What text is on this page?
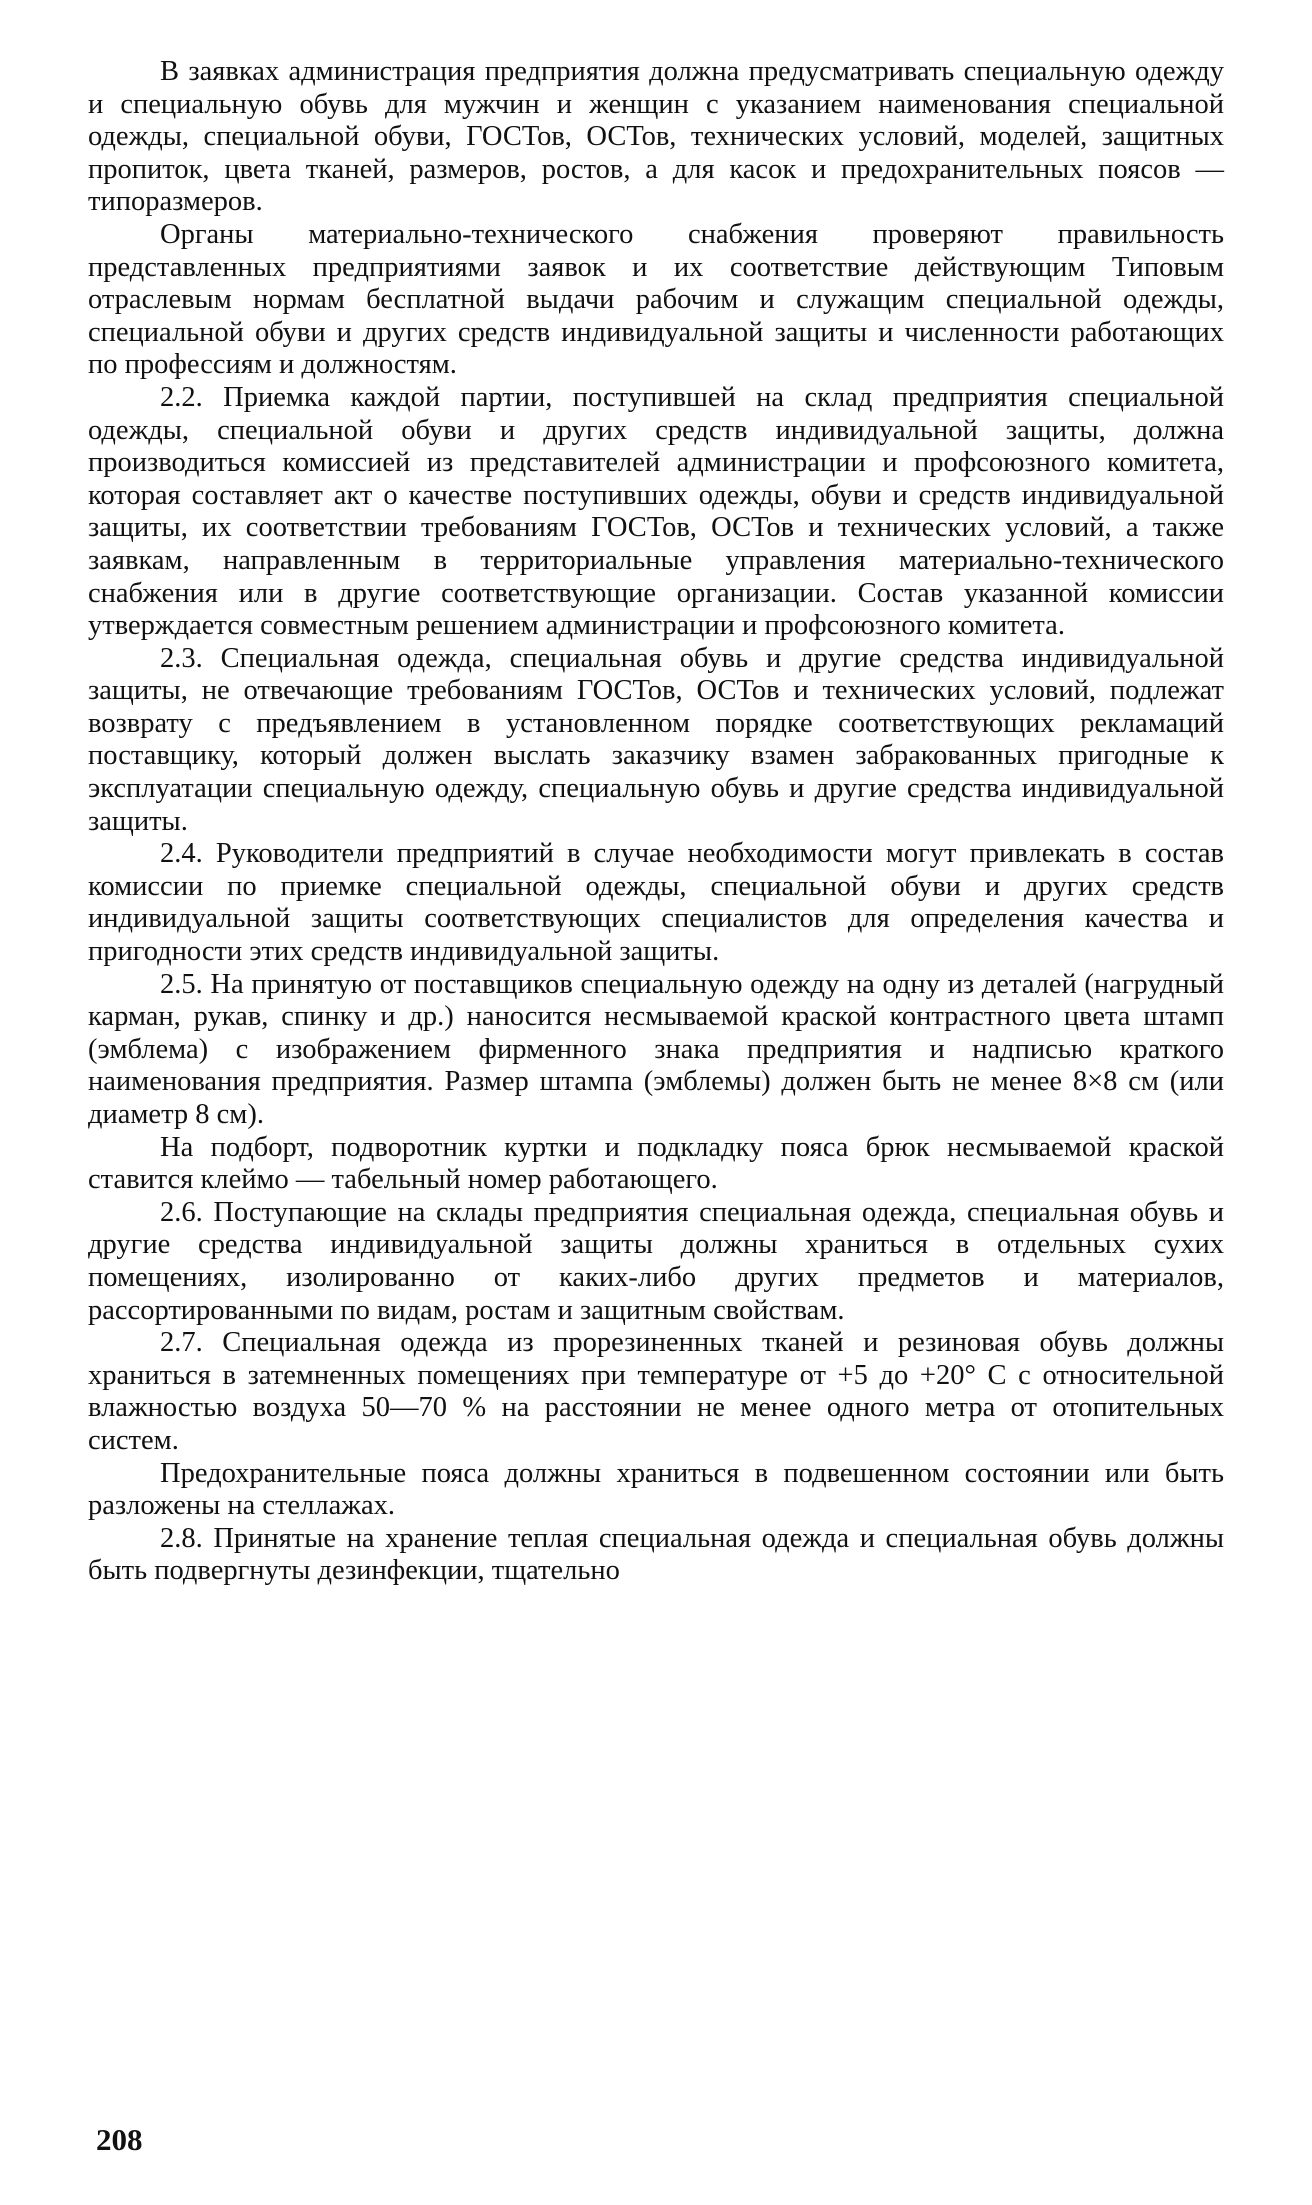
В заявках администрация предприятия должна предусматривать специальную одежду и специальную обувь для мужчин и женщин с указанием наименования специальной одежды, специальной обуви, ГОСТов, ОСТов, технических условий, моделей, защитных пропиток, цвета тканей, размеров, ростов, а для касок и предохранительных поясов — типоразмеров.

Органы материально-технического снабжения проверяют правильность представленных предприятиями заявок и их соответствие действующим Типовым отраслевым нормам бесплатной выдачи рабочим и служащим специальной одежды, специальной обуви и других средств индивидуальной защиты и численности работающих по профессиям и должностям.

2.2. Приемка каждой партии, поступившей на склад предприятия специальной одежды, специальной обуви и других средств индивидуальной защиты, должна производиться комиссией из представителей администрации и профсоюзного комитета, которая составляет акт о качестве поступивших одежды, обуви и средств индивидуальной защиты, их соответствии требованиям ГОСТов, ОСТов и технических условий, а также заявкам, направленным в территориальные управления материально-технического снабжения или в другие соответствующие организации. Состав указанной комиссии утверждается совместным решением администрации и профсоюзного комитета.

2.3. Специальная одежда, специальная обувь и другие средства индивидуальной защиты, не отвечающие требованиям ГОСТов, ОСТов и технических условий, подлежат возврату с предъявлением в установленном порядке соответствующих рекламаций поставщику, который должен выслать заказчику взамен забракованных пригодные к эксплуатации специальную одежду, специальную обувь и другие средства индивидуальной защиты.

2.4. Руководители предприятий в случае необходимости могут привлекать в состав комиссии по приемке специальной одежды, специальной обуви и других средств индивидуальной защиты соответствующих специалистов для определения качества и пригодности этих средств индивидуальной защиты.

2.5. На принятую от поставщиков специальную одежду на одну из деталей (нагрудный карман, рукав, спинку и др.) наносится несмываемой краской контрастного цвета штамп (эмблема) с изображением фирменного знака предприятия и надписью краткого наименования предприятия. Размер штампа (эмблемы) должен быть не менее 8×8 см (или диаметр 8 см).

На подборт, подворотник куртки и подкладку пояса брюк несмываемой краской ставится клеймо — табельный номер работающего.

2.6. Поступающие на склады предприятия специальная одежда, специальная обувь и другие средства индивидуальной защиты должны храниться в отдельных сухих помещениях, изолированно от каких-либо других предметов и материалов, рассортированными по видам, ростам и защитным свойствам.

2.7. Специальная одежда из прорезиненных тканей и резиновая обувь должны храниться в затемненных помещениях при температуре от +5 до +20° С с относительной влажностью воздуха 50—70 % на расстоянии не менее одного метра от отопительных систем.

Предохранительные пояса должны храниться в подвешенном состоянии или быть разложены на стеллажах.

2.8. Принятые на хранение теплая специальная одежда и специальная обувь должны быть подвергнуты дезинфекции, тщательно

208
